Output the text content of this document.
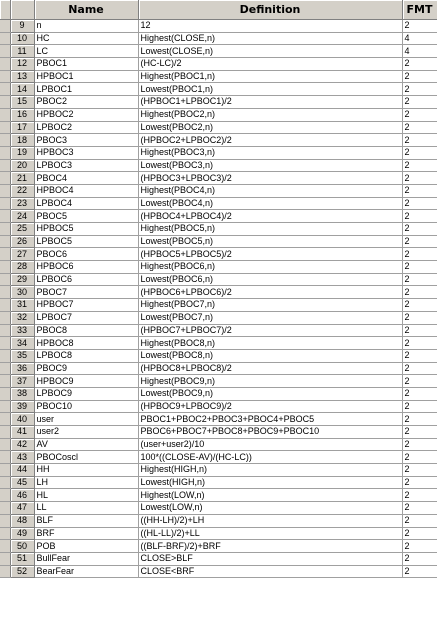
		Name	Definition	FMT
	9	n	12	2
	10	HC	Highest(CLOSE,n)	4
	11	LC	Lowest(CLOSE,n)	4
	12	PBOC1	(HC-LC)/2	2
	13	HPBOC1	Highest(PBOC1,n)	2
	14	LPBOC1	Lowest(PBOC1,n)	2
	15	PBOC2	(HPBOC1+LPBOC1)/2	2
	16	HPBOC2	Highest(PBOC2,n)	2
	17	LPBOC2	Lowest(PBOC2,n)	2
	18	PBOC3	(HPBOC2+LPBOC2)/2	2
	19	HPBOC3	Highest(PBOC3,n)	2
	20	LPBOC3	Lowest(PBOC3,n)	2
	21	PBOC4	(HPBOC3+LPBOC3)/2	2
	22	HPBOC4	Highest(PBOC4,n)	2
	23	LPBOC4	Lowest(PBOC4,n)	2
	24	PBOC5	(HPBOC4+LPBOC4)/2	2
	25	HPBOC5	Highest(PBOC5,n)	2
	26	LPBOC5	Lowest(PBOC5,n)	2
	27	PBOC6	(HPBOC5+LPBOC5)/2	2
	28	HPBOC6	Highest(PBOC6,n)	2
	29	LPBOC6	Lowest(PBOC6,n)	2
	30	PBOC7	(HPBOC6+LPBOC6)/2	2
	31	HPBOC7	Highest(PBOC7,n)	2
	32	LPBOC7	Lowest(PBOC7,n)	2
	33	PBOC8	(HPBOC7+LPBOC7)/2	2
	34	HPBOC8	Highest(PBOC8,n)	2
	35	LPBOC8	Lowest(PBOC8,n)	2
	36	PBOC9	(HPBOC8+LPBOC8)/2	2
	37	HPBOC9	Highest(PBOC9,n)	2
	38	LPBOC9	Lowest(PBOC9,n)	2
	39	PBOC10	(HPBOC9+LPBOC9)/2	2
	40	user	PBOC1+PBOC2+PBOC3+PBOC4+PBOC5	2
	41	user2	PBOC6+PBOC7+PBOC8+PBOC9+PBOC10	2
	42	AV	(user+user2)/10	2
	43	PBOCoscl	100*((CLOSE-AV)/(HC-LC))	2
	44	HH	Highest(HIGH,n)	2
	45	LH	Lowest(HIGH,n)	2
	46	HL	Highest(LOW,n)	2
	47	LL	Lowest(LOW,n)	2
	48	BLF	((HH-LH)/2)+LH	2
	49	BRF	((HL-LL)/2)+LL	2
	50	POB	((BLF-BRF)/2)+BRF	2
	51	BullFear	CLOSE>BLF	2
	52	BearFear	CLOSE<BRF	2
